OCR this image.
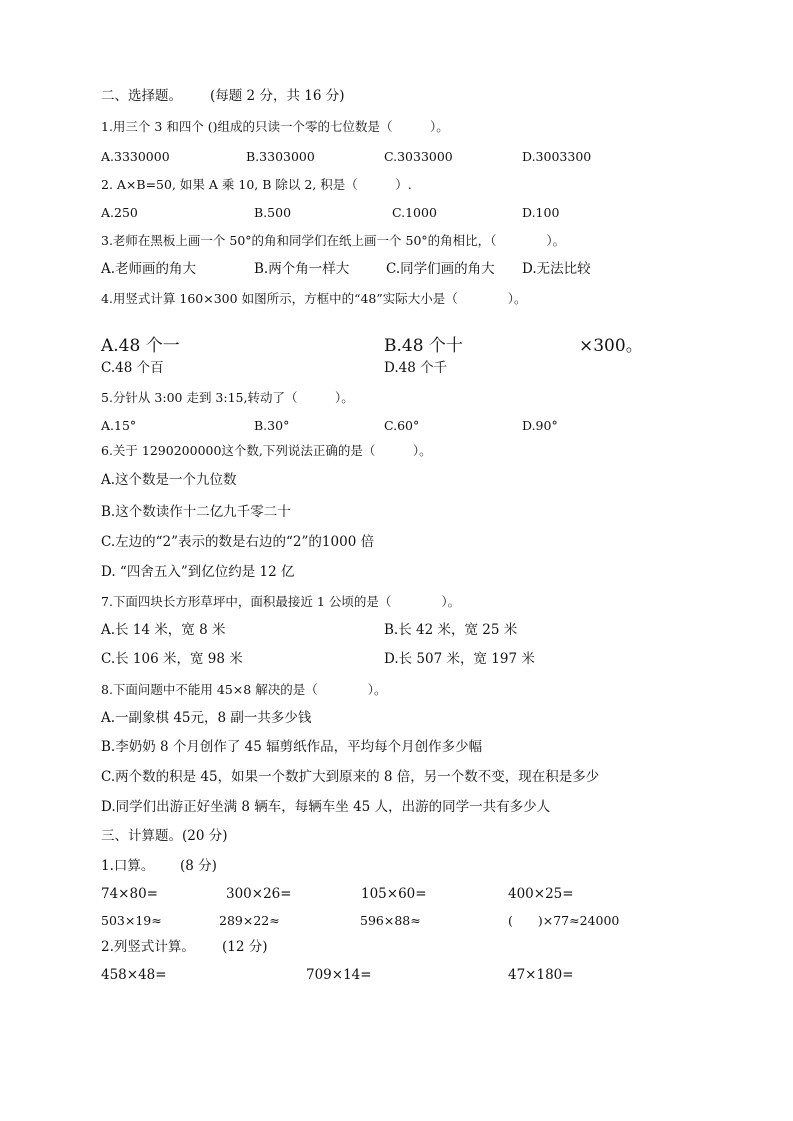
二、选择题。 (每题 2 分，共 16 分)
1.用三个 3 和四个 ()组成的只读一个零的七位数是（　　　）。
A.3330000	B.3303000	C.3033000	D.3003300
2. A×B=50, 如果 A 乘 10, B 除以 2, 积是（　　　）.
A.250	B.500	C.1000	D.100
3.老师在黑板上画一个 50°的角和同学们在纸上画一个 50°的角相比，（　　　　）。
A.老师画的角大	B.两个角一样大	C.同学们画的角大 D.无法比较
4.用竖式计算 160×300 如图所示，方框中的“48”实际大小是（　　　　）。
A.48 个一	B.48 个十	×300。
C.48 个百	D.48 个千
5.分针从 3:00 走到 3:15,转动了（　　　）。
A.15°	B.30°	C.60°	D.90°
6.关于 1290200000这个数,下列说法正确的是（　　　）。
A.这个数是一个九位数
B.这个数读作十二亿九千零二十
C.左边的“2”表示的数是右边的“2”的1000 倍
D. “四舍五入”到亿位约是 12 亿
7.下面四块长方形草坪中，面积最接近 1 公顷的是（　　　　）。
A.长 14 米，宽 8 米	B.长 42 米，宽 25 米
C.长 106 米，宽 98 米	D.长 507 米，宽 197 米
8.下面问题中不能用 45×8 解决的是（　　　　）。
A.一副象棋 45元，8 副一共多少钱
B.李奶奶 8 个月创作了 45 辐剪纸作品，平均每个月创作多少幅
C.两个数的积是 45，如果一个数扩大到原来的 8 倍，另一个数不变，现在积是多少
D.同学们出游正好坐满 8 辆车，每辆车坐 45 人，出游的同学一共有多少人
三、计算题。(20 分)
1.口算。 (8 分)
74×80=	300×26=	105×60=	400×25=
503×19≈	289×22≈	596×88≈	(　　)×77≈24000
2.列竖式计算。 (12 分)
458×48=	709×14=	47×180=
